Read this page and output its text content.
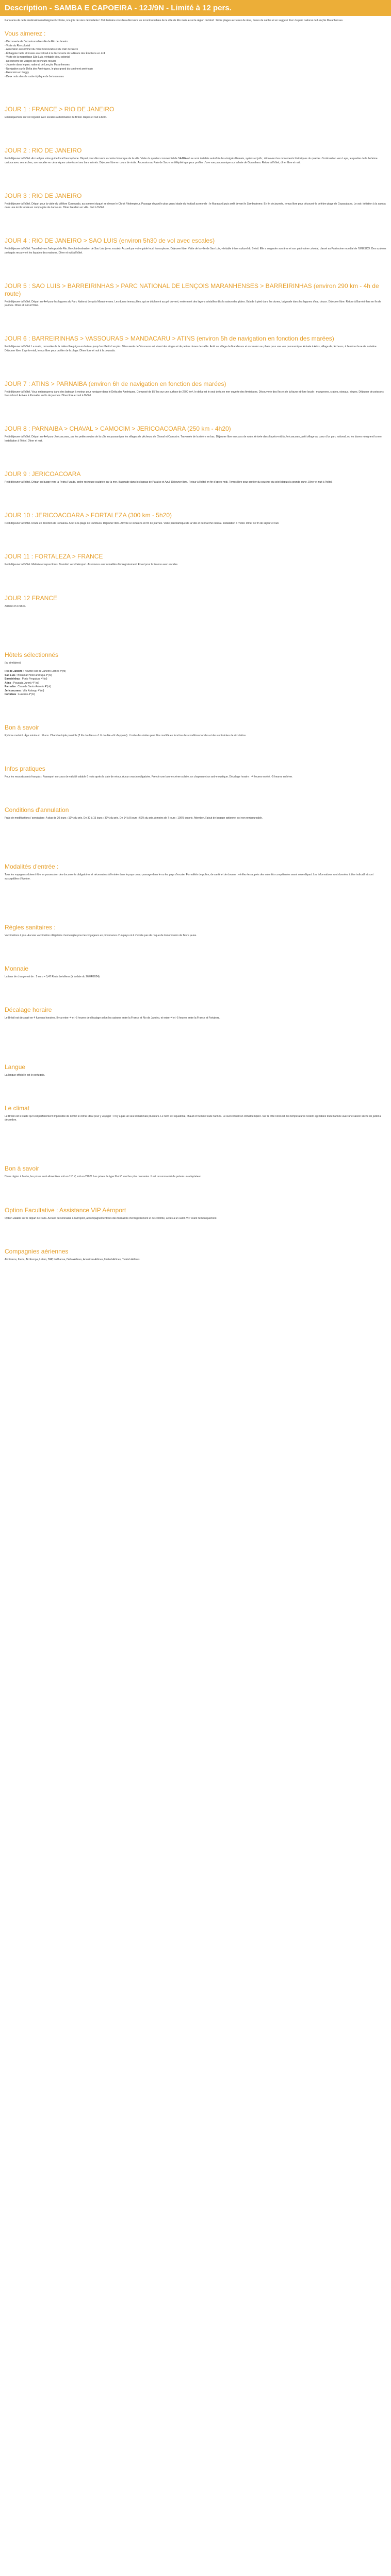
Description - SAMBA E CAPOEIRA - 12J/9N - Limité à 12 pers.

Panorama de cette destination multiségment colorée, à la joie de vivre débordante ! Cet itinéraire vous fera découvrir les incontournables de la ville de Rio mais aussi la région du Nord : Entre plages aux eaux de rêve, dunes de sables et en suggéré Parc du parc national de Lençóis Maranhenses.

Vous aimerez :
- Découverte de l'incontournable ville de Rio de Janeiro
- Visite du Rio colonial
- Ascension au sommet du mont Corcovado et du Pain de Sucre
- Échappée belle et hissée en cocktail à la découverte de la Route des Émotions en 4x4
- Visite de la magnifique São Luis, véritable bijou colonial
- Découverte de villages de pêcheurs reculés
- Journée dans le parc national de Lençóis Maranhenses
- Navigation sur le Delta des Amériques, le plus grand du continent américain
- Excursion en buggy
- Deux nuits dans le cadre idyllique de Jericoacoara
JOUR 1 : FRANCE > RIO DE JANEIRO

Embarquement sur vol régulier avec escales à destination du Brésil. Repas et nuit à bord.

JOUR 2 : RIO DE JANEIRO

Petit déjeuner à l'hôtel. Accueil par votre guide local francophone. Départ pour découvrir le centre historique de la ville. Visite du quartier commercial de SAARA où se sont installés autrefois des émigrés libanais, syriens et juifs ; découvrez les monuments historiques du quartier. Continuation vers Lapa, le quartier de la bohème carioca avec ses arches, son escalier en céramiques colorées et ses bars animés. Déjeuner libre en cours de visite. Ascension au Pain de Sucre en téléphérique pour profiter d'une vue panoramique sur la baie de Guanabara. Retour à l'hôtel, dîner libre et nuit.

JOUR 3 : RIO DE JANEIRO

Petit déjeuner à l'hôtel. Départ pour la visite du célèbre Corcovado, au sommet duquel se dresse le Christ Rédempteur. Passage devant le plus grand stade du football au monde : le Maracanã puis arrêt devant le Sambodromo. En fin de journée, temps libre pour découvrir la célèbre plage de Copacabana. Le soir, initiation à la samba dans une école locale en compagnie de danseurs. Dîner brésilien en ville. Nuit à l'hôtel.

JOUR 4 : RIO DE JANEIRO > SAO LUIS (environ 5h30 de vol avec escales)

Petit déjeuner à l'hôtel. Transfert vers l'aéroport de Rio. Envol à destination de Sao Luis (avec escale). Accueil par votre guide local francophone. Déjeuner libre. Visite de la ville de Sao Luis, véritable trésor culturel du Brésil. Elle a su garder son âme et son patrimoine colonial, classé au Patrimoine mondial de l'UNESCO. Des azulejos portugais recouvrent les façades des maisons. Dîner et nuit à l'hôtel.

JOUR 5 : SAO LUIS > BARREIRINHAS > PARC NATIONAL DE LENÇOIS MARANHENSES > BARREIRINHAS (environ 290 km - 4h de route)

Petit déjeuner à l'hôtel. Départ en 4x4 pour les lagunes du Parc National Lençóis Maranhenses. Les dunes immaculées, qui se déplacent au gré du vent, renferment des lagons cristallins dès la saison des pluies. Balade à pied dans les dunes, baignade dans les lagunes d'eau douce. Déjeuner libre. Retour à Barreirinhas en fin de journée. Dîner et nuit à l'hôtel.

JOUR 6 : BARREIRINHAS > VASSOURAS > MANDACARU > ATINS (environ 5h de navigation en fonction des marées)

Petit déjeuner à l'hôtel. Le matin, remontée de la rivière Preguiças en bateau jusqu'aux Petits Lençóis. Découverte de Vassouras où vivent des singes et de petites dunes de sable. Arrêt au village de Mandacaru et ascension au phare pour une vue panoramique. Arrivée à Atins, village de pêcheurs, à l'embouchure de la rivière. Déjeuner libre. L'après-midi, temps libre pour profiter de la plage. Dîner libre et nuit à la pousada.

JOUR 7 : ATINS > PARNAIBA (environ 6h de navigation en fonction des marées)

Petit déjeuner à l'hôtel. Vous embarquerez dans des bateaux à moteur pour naviguer dans le Delta des Amériques. Composé de 85 îles sur une surface de 2700 km², le delta est le seul delta en mer ouverte des Amériques. Découverte des îles et de la faune et flore locale : mangroves, crabes, oiseaux, singes. Déjeuner de poissons frais à bord. Arrivée à Parnaiba en fin de journée. Dîner libre et nuit à l'hôtel.

JOUR 8 : PARNAIBA > CHAVAL > CAMOCIM > JERICOACOARA (250 km - 4h20)

Petit déjeuner à l'hôtel. Départ en 4x4 pour Jericoacoara, par les petites routes de la côte en passant par les villages de pêcheurs de Chaval et Camocim. Traversée de la rivière en bac. Déjeuner libre en cours de route. Arrivée dans l'après-midi à Jericoacoara, petit village au cœur d'un parc national, ou les dunes rejoignent la mer. Installation à l'hôtel. Dîner et nuit.

JOUR 9 : JERICOACOARA

Petit déjeuner à l'hôtel. Départ en buggy vers la Pedra Furada, arche rocheuse sculptée par la mer. Baignade dans les lagoas de Paraíso et Azul. Déjeuner libre. Retour à l'hôtel en fin d'après-midi. Temps libre pour profiter du coucher du soleil depuis la grande dune. Dîner et nuit à l'hôtel.

JOUR 10 : JERICOACOARA > FORTALEZA (300 km - 5h20)

Petit déjeuner à l'hôtel. Route en direction de Fortaleza. Arrêt à la plage de Cumbuco. Déjeuner libre. Arrivée à Fortaleza en fin de journée. Visite panoramique de la ville et du marché central. Installation à l'hôtel. Dîner de fin de séjour et nuit.

JOUR 11 : FORTALEZA > FRANCE

Petit déjeuner à l'hôtel. Matinée et repas libres. Transfert vers l'aéroport. Assistance aux formalités d'enregistrement. Envol pour la France avec escales.

JOUR 12 FRANCE

Arrivée en France.

Hôtels sélectionnés

(ou similaires)

Rio de Janeiro : Novotel Rio de Janeiro Lemes 4*(nl)
Sao Luis : Brisamar Hotel and Spa 4*(nl)
Barreirinhas : Porto Preguiças 4*(nl)
Atins : Pousada Jurerá 4* (nl)
Parnaiba : Casa de Santo Antonio 4*(nl)
Jericoacoara : Vila Kalango 4*(nl)
Fortaleza : Luzeiros 4*(nl)
Bon à savoir

Rythme modéré. Âge minimum : 8 ans. Chambre triple possible (2 lits doubles ou 1 lit double + lit d'appoint). L'ordre des visites peut être modifié en fonction des conditions locales et des contraintes de circulation.

Infos pratiques

Pour les ressortissants français : Passeport en cours de validité valable 6 mois après la date de retour. Aucun vaccin obligatoire. Prévoir une bonne crème solaire, un chapeau et un anti-moustique. Décalage horaire : -4 heures en été, -5 heures en hiver.

Conditions d'annulation

Frais de modifications / annulation : A plus de 30 jours : 10% du prix. De 30 à 15 jours : 30% du prix. De 14 à 8 jours : 60% du prix. A moins de 7 jours : 100% du prix. Attention, l'ajout de bagage optionnel est non remboursable.

Modalités d'entrée :

Tous les voyageurs doivent être en possession des documents obligatoires et nécessaires à l'entrée dans le pays ou au passage dans le ou les pays d'escale. Formalités de police, de santé et de douane : vérifiez-les auprès des autorités compétentes avant votre départ. Les informations sont données à titre indicatif et sont susceptibles d'évoluer.

Règles sanitaires :

Vaccinations à jour. Aucune vaccination obligatoire n'est exigée pour les voyageurs en provenance d'un pays où il n'existe pas de risque de transmission de fièvre jaune.

Monnaie

La taux de change est de : 1 euro = 5,47 Reais brésiliens (à la date du 26/04/2024).

Décalage horaire

Le Brésil est découpé en 4 fuseaux horaires. Il y a entre -4 et -5 heures de décalage selon les saisons entre la France et Rio de Janeiro, et entre -4 et -5 heures entre la France et Fortaleza.

Langue

La langue officielle est le portugais.

Le climat

Le Brésil est si vaste qu'il est parfaitement impossible de définir le climat idéal pour y voyager : il n'y a pas un seul climat mais plusieurs. Le nord est équatorial, chaud et humide toute l'année. Le sud connaît un climat tempéré. Sur la côte nord-est, les températures restent agréables toute l'année avec une saison sèche de juillet à décembre.

Bon à savoir

D'une région à l'autre, les prises sont alimentées soit en 110 V, soit en 220 V. Les prises de type N et C sont les plus courantes. Il est recommandé de prévoir un adaptateur.

Option Facultative : Assistance VIP Aéroport

Option valable sur le départ de Paris. Accueil personnalisé à l'aéroport, accompagnement lors des formalités d'enregistrement et de contrôle, accès à un salon VIP avant l'embarquement.

Compagnies aériennes

Air France, Iberia, Air Europa, Latam, TAP, Lufthansa, Delta Airlines, American Airlines, United Airlines, Turkish Airlines.
